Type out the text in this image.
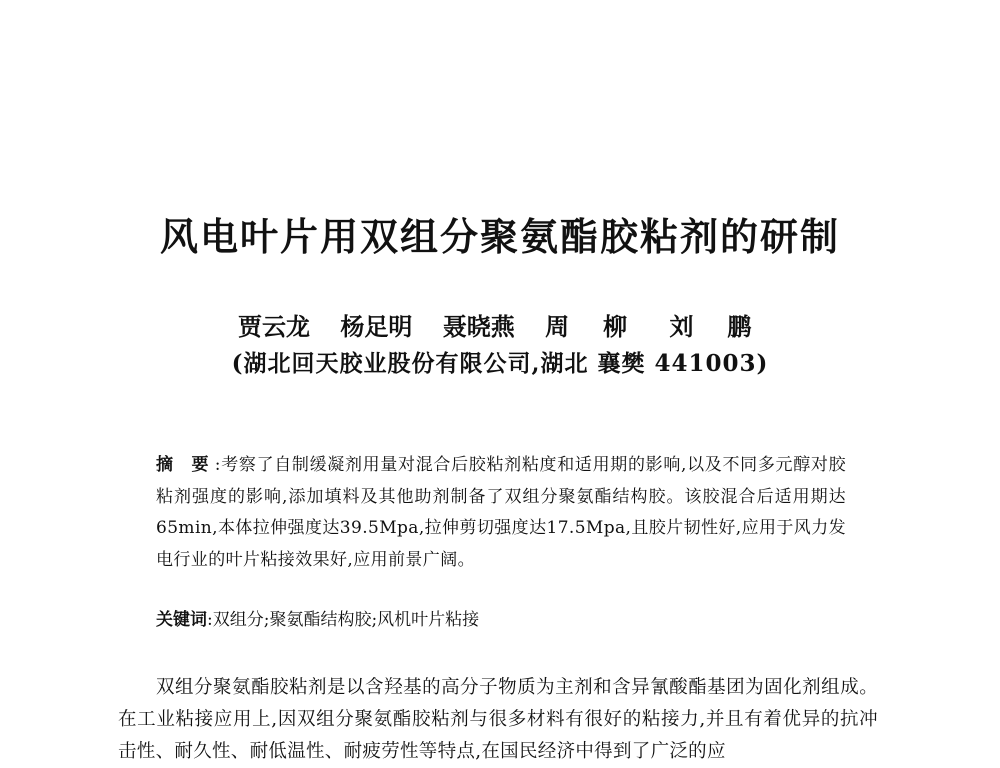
风电叶片用双组分聚氨酯胶粘剂的研制
贾云龙 杨足明 聂晓燕 周柳 刘鹏
(湖北回天胶业股份有限公司,湖北 襄樊 441003)
摘 要:考察了自制缓凝剂用量对混合后胶粘剂粘度和适用期的影响,以及不同多元醇对胶粘剂强度的影响,添加填料及其他助剂制备了双组分聚氨酯结构胶。该胶混合后适用期达65min,本体拉伸强度达39.5Mpa,拉伸剪切强度达17.5Mpa,且胶片韧性好,应用于风力发电行业的叶片粘接效果好,应用前景广阔。
关键词:双组分;聚氨酯结构胶;风机叶片粘接
双组分聚氨酯胶粘剂是以含羟基的高分子物质为主剂和含异氰酸酯基团为固化剂组成。在工业粘接应用上,因双组分聚氨酯胶粘剂与很多材料有很好的粘接力,并且有着优异的抗冲击性、耐久性、耐低温性、耐疲劳性等特点,在国民经济中得到了广泛的应
